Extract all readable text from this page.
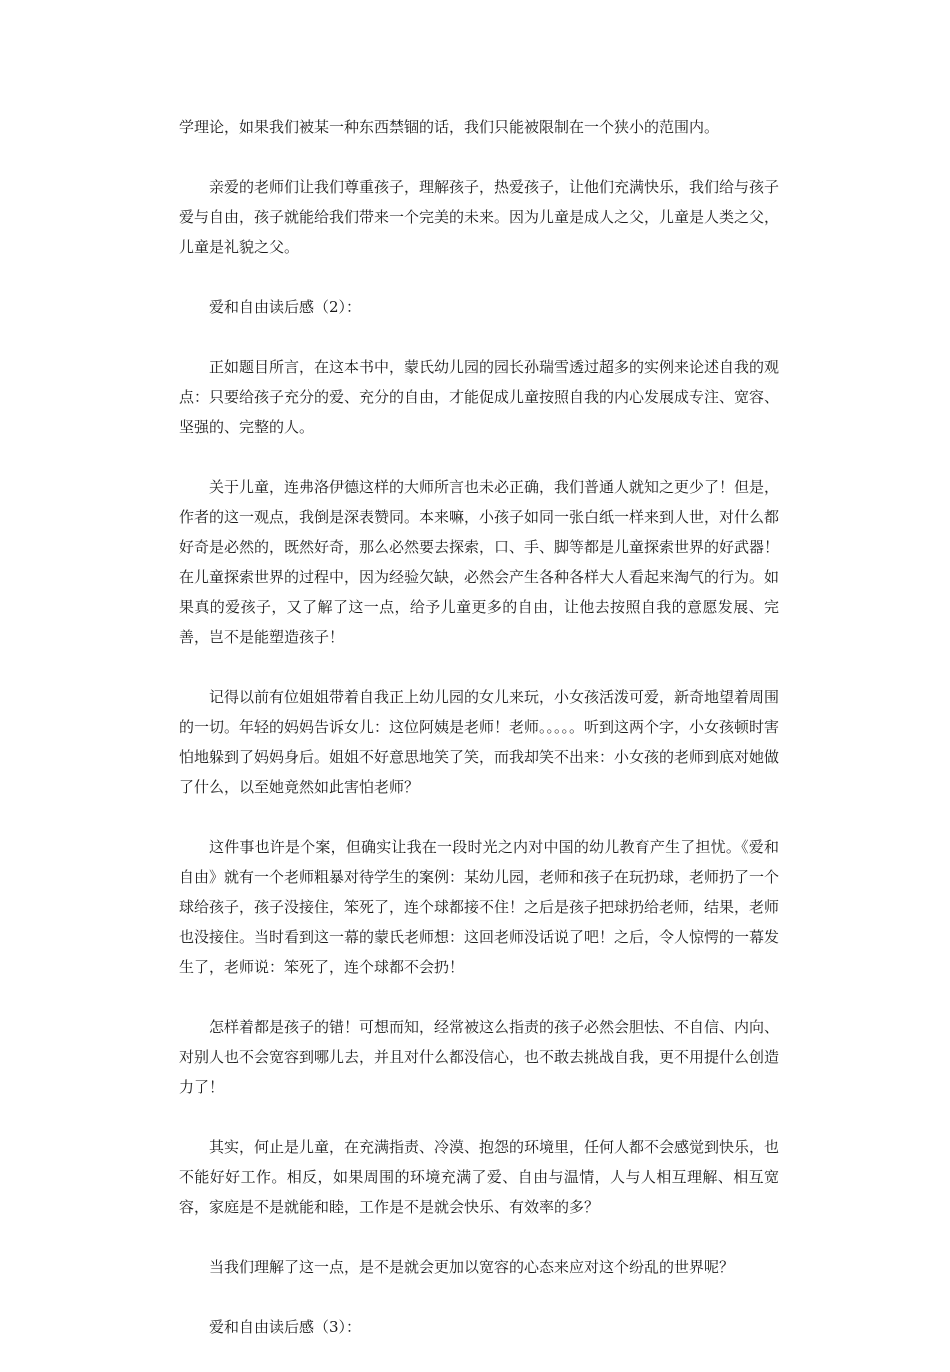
学理论，如果我们被某一种东西禁锢的话，我们只能被限制在一个狭小的范围内。

亲爱的老师们让我们尊重孩子，理解孩子，热爱孩子，让他们充满快乐，我们给与孩子爱与自由，孩子就能给我们带来一个完美的未来。因为儿童是成人之父，儿童是人类之父，儿童是礼貌之父。

爱和自由读后感（2）：

正如题目所言，在这本书中，蒙氏幼儿园的园长孙瑞雪透过超多的实例来论述自我的观点：只要给孩子充分的爱、充分的自由，才能促成儿童按照自我的内心发展成专注、宽容、坚强的、完整的人。

关于儿童，连弗洛伊德这样的大师所言也未必正确，我们普通人就知之更少了！但是，作者的这一观点，我倒是深表赞同。本来嘛，小孩子如同一张白纸一样来到人世，对什么都好奇是必然的，既然好奇，那么必然要去探索，口、手、脚等都是儿童探索世界的好武器！在儿童探索世界的过程中，因为经验欠缺，必然会产生各种各样大人看起来淘气的行为。如果真的爱孩子，又了解了这一点，给予儿童更多的自由，让他去按照自我的意愿发展、完善，岂不是能塑造孩子！

记得以前有位姐姐带着自我正上幼儿园的女儿来玩，小女孩活泼可爱，新奇地望着周围的一切。年轻的妈妈告诉女儿：这位阿姨是老师！老师。。。。。听到这两个字，小女孩顿时害怕地躲到了妈妈身后。姐姐不好意思地笑了笑，而我却笑不出来：小女孩的老师到底对她做了什么，以至她竟然如此害怕老师？

这件事也许是个案，但确实让我在一段时光之内对中国的幼儿教育产生了担忧。《爱和自由》就有一个老师粗暴对待学生的案例：某幼儿园，老师和孩子在玩扔球，老师扔了一个球给孩子，孩子没接住，笨死了，连个球都接不住！之后是孩子把球扔给老师，结果，老师也没接住。当时看到这一幕的蒙氏老师想：这回老师没话说了吧！之后，令人惊愕的一幕发生了，老师说：笨死了，连个球都不会扔！

怎样着都是孩子的错！可想而知，经常被这么指责的孩子必然会胆怯、不自信、内向、对别人也不会宽容到哪儿去，并且对什么都没信心，也不敢去挑战自我，更不用提什么创造力了！

其实，何止是儿童，在充满指责、冷漠、抱怨的环境里，任何人都不会感觉到快乐，也不能好好工作。相反，如果周围的环境充满了爱、自由与温情，人与人相互理解、相互宽容，家庭是不是就能和睦，工作是不是就会快乐、有效率的多？

当我们理解了这一点，是不是就会更加以宽容的心态来应对这个纷乱的世界呢？

爱和自由读后感（3）：
